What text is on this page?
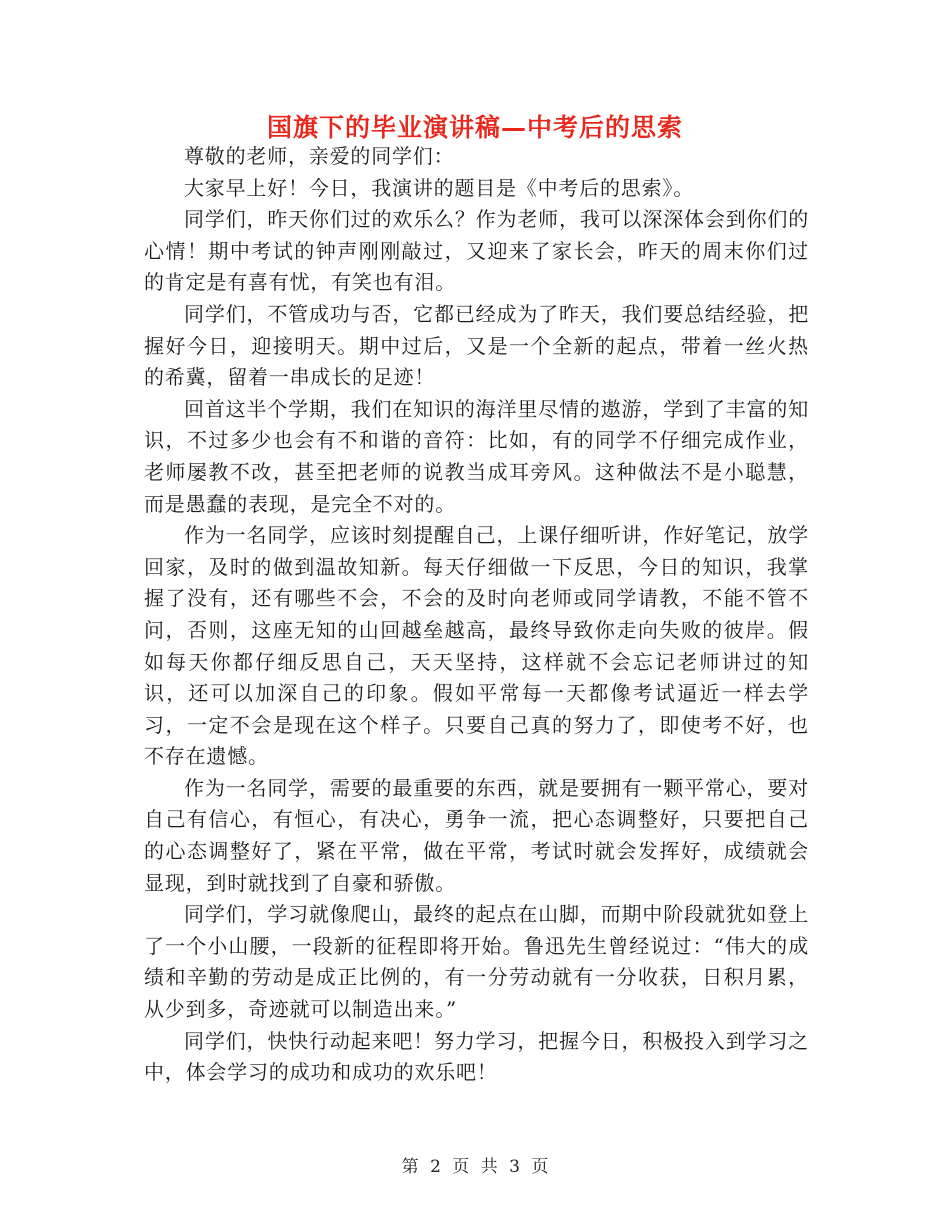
国旗下的毕业演讲稿—中考后的思索

尊敬的老师，亲爱的同学们：

大家早上好！今日，我演讲的题目是《中考后的思索》。

同学们，昨天你们过的欢乐么？作为老师，我可以深深体会到你们的心情！期中考试的钟声刚刚敲过，又迎来了家长会，昨天的周末你们过的肯定是有喜有忧，有笑也有泪。

同学们，不管成功与否，它都已经成为了昨天，我们要总结经验，把握好今日，迎接明天。期中过后，又是一个全新的起点，带着一丝火热的希冀，留着一串成长的足迹！

回首这半个学期，我们在知识的海洋里尽情的遨游，学到了丰富的知识，不过多少也会有不和谐的音符：比如，有的同学不仔细完成作业，老师屡教不改，甚至把老师的说教当成耳旁风。这种做法不是小聪慧，而是愚蠢的表现，是完全不对的。

作为一名同学，应该时刻提醒自己，上课仔细听讲，作好笔记，放学回家，及时的做到温故知新。每天仔细做一下反思，今日的知识，我掌握了没有，还有哪些不会，不会的及时向老师或同学请教，不能不管不问，否则，这座无知的山回越垒越高，最终导致你走向失败的彼岸。假如每天你都仔细反思自己，天天坚持，这样就不会忘记老师讲过的知识，还可以加深自己的印象。假如平常每一天都像考试逼近一样去学习，一定不会是现在这个样子。只要自己真的努力了，即使考不好，也不存在遗憾。

作为一名同学，需要的最重要的东西，就是要拥有一颗平常心，要对自己有信心，有恒心，有决心，勇争一流，把心态调整好，只要把自己的心态调整好了，紧在平常，做在平常，考试时就会发挥好，成绩就会显现，到时就找到了自豪和骄傲。

同学们，学习就像爬山，最终的起点在山脚，而期中阶段就犹如登上了一个小山腰，一段新的征程即将开始。鲁迅先生曾经说过：“伟大的成绩和辛勤的劳动是成正比例的，有一分劳动就有一分收获，日积月累，从少到多，奇迹就可以制造出来。”

同学们，快快行动起来吧！努力学习，把握今日，积极投入到学习之中，体会学习的成功和成功的欢乐吧！

第 2 页 共 3 页
